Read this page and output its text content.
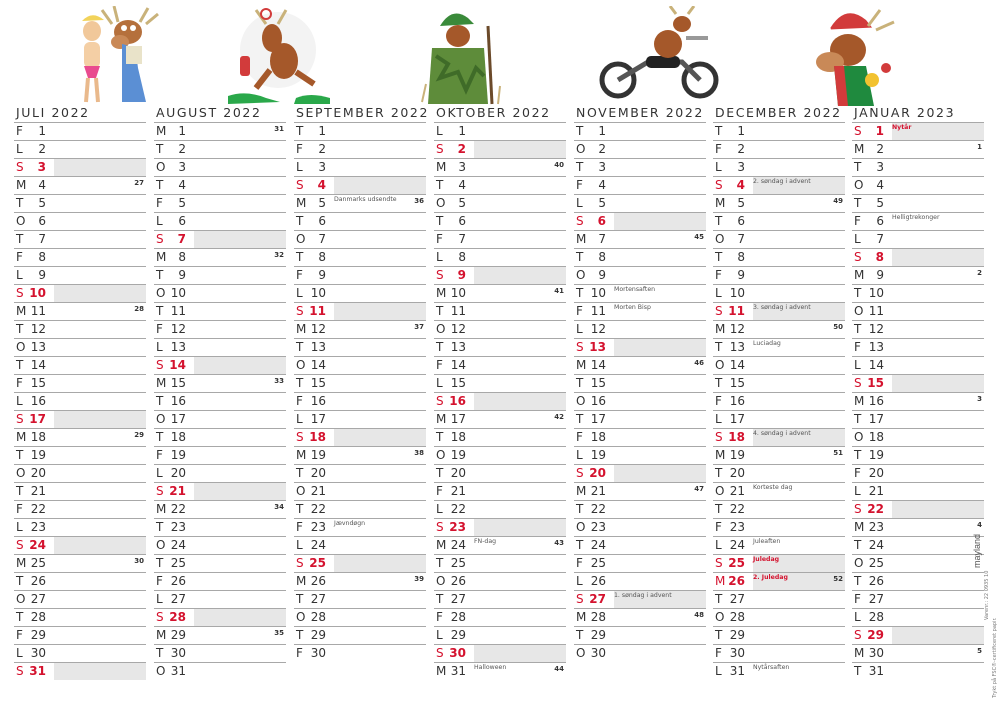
JULI 2022
F	1
L	2
S	3
M	4	27
T	5
O	6
T	7
F	8
L	9
S 10
M 11	28
T 12
O 13
T 14
F 15
L 16
S 17
M 18	29
T 19
O 20
T 21
F 22
L 23
S 24
M 25	30
T 26
O 27
T 28
F 29
L 30
S 31
AUGUST 2022
M	1	31
T	2
O	3
T	4
F	5
L	6
S	7
M	8	32
T	9
O 10
T 11
F 12
L 13
S 14
M 15	33
T 16
O 17
T 18
F 19
L 20
S 21
M 22	34
T 23
O 24
T 25
F 26
L 27
S 28
M 29	35
T 30
O 31
SEPTEMBER 2022
T	1
F	2
L	3
S	4
M	5	Danmarks udsendte	36
T	6
O	7
T	8
F	9
L 10
S 11
M 12	37
T 13
O 14
T 15
F 16
L 17
S 18
M 19	38
T 20
O 21
T 22
F 23	Jævndøgn
L 24
S 25
M 26	39
T 27
O 28
T 29
F 30
OKTOBER 2022
L	1
S	2
M	3	40
T	4
O	5
T	6
F	7
L	8
S	9
M 10	41
T 11
O 12
T 13
F 14
L 15
S 16
M 17	42
T 18
O 19
T 20
F 21
L 22
S 23
M 24	FN-dag	43
T 25
O 26
T 27
F 28
L 29
S 30
M 31	Halloween	44
NOVEMBER 2022
T	1
O	2
T	3
F	4
L	5
S	6
M	7	45
T	8
O	9
T 10	Mortensaften
F 11	Morten Bisp
L 12
S 13
M 14	46
T 15
O 16
T 17
F 18
L 19
S 20
M 21	47
T 22
O 23
T 24
F 25
L 26
S 27	1. søndag i advent
M 28	48
T 29
O 30
DECEMBER 2022
T	1
F	2
L	3
S	4	2. søndag i advent
M	5	49
T	6
O	7
T	8
F	9
L 10
S 11	3. søndag i advent
M 12	50
T 13	Luciadag
O 14
T 15
F 16
L 17
S 18	4. søndag i advent
M 19	51
T 20
O 21	Korteste dag
T 22
F 23
L 24	Juleaften
S 25	Juledag
M 26	2. Juledag	52
T 27
O 28
T 29
F 30
L 31	Nytårsaften
JANUAR 2023
S	1	Nytår
M	2	1
T	3
O	4
T	5
F	6	Helligtrekonger
L	7
S	8
M	9	2
T 10
O 11
T 12
F 13
L 14
S 15
M 16	3
T 17
O 18
T 19
F 20
L 21
S 22
M 23	4
T 24
O 25
T 26
F 27
L 28
S 29
M 30	5
T 31
mayland
Trykt på FSC®-certificeret papir.
Varenr.: 22 0935 10
